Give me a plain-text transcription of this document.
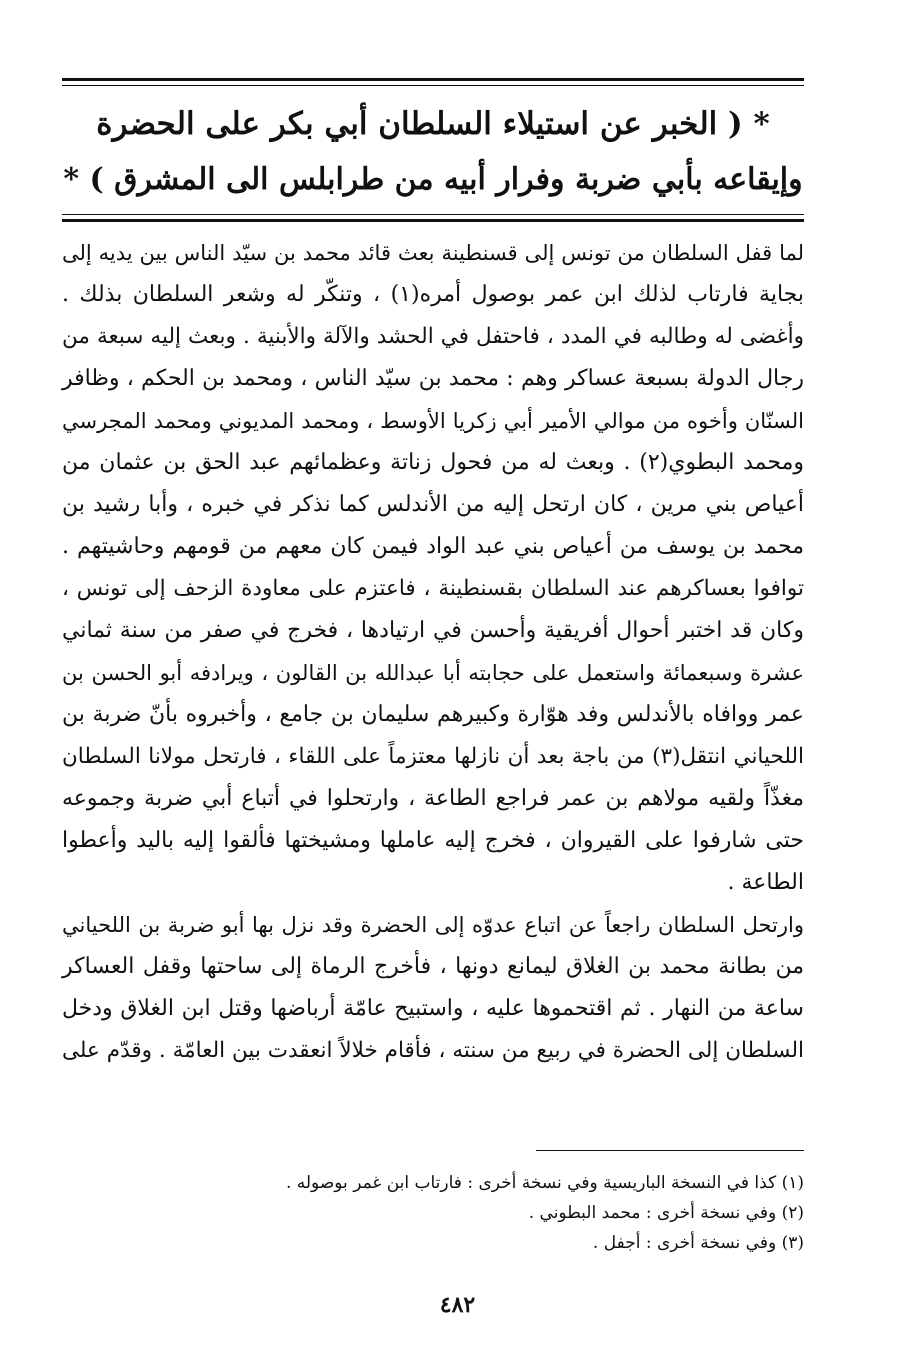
* ( الخبر عن استيلاء السلطان أبي بكر على الحضرة
وإيقاعه بأبي ضربة وفرار أبيه من طرابلس الى المشرق ) *
لما قفل السلطان من تونس إلى قسنطينة بعث قائد محمد بن سيّد الناس بين يديه إلى
بجاية فارتاب لذلك ابن عمر بوصول أمره(١) ، وتنكّر له وشعر السلطان بذلك .
وأغضى له وطالبه في المدد ، فاحتفل في الحشد والآلة والأبنية . وبعث إليه سبعة من
رجال الدولة بسبعة عساكر وهم : محمد بن سيّد الناس ، ومحمد بن الحكم ، وظافر
السنّان وأخوه من موالي الأمير أبي زكريا الأوسط ، ومحمد المديوني ومحمد المجرسي
ومحمد البطوي(٢) . وبعث له من فحول زناتة وعظمائهم عبد الحق بن عثمان من
أعياص بني مرين ، كان ارتحل إليه من الأندلس كما نذكر في خبره ، وأبا رشيد بن
محمد بن يوسف من أعياص بني عبد الواد فيمن كان معهم من قومهم وحاشيتهم .
توافوا بعساكرهم عند السلطان بقسنطينة ، فاعتزم على معاودة الزحف إلى تونس ،
وكان قد اختبر أحوال أفريقية وأحسن في ارتيادها ، فخرج في صفر من سنة ثماني
عشرة وسبعمائة واستعمل على حجابته أبا عبدالله بن القالون ، ويرادفه أبو الحسن بن
عمر ووافاه بالأندلس وفد هوّارة وكبيرهم سليمان بن جامع ، وأخبروه بأنّ ضربة بن
اللحياني انتقل(٣) من باجة بعد أن نازلها معتزماً على اللقاء ، فارتحل مولانا السلطان
مغذّاً ولقيه مولاهم بن عمر فراجع الطاعة ، وارتحلوا في أتباع أبي ضربة وجموعه
حتى شارفوا على القيروان ، فخرج إليه عاملها ومشيختها فألقوا إليه باليد وأعطوا
الطاعة .
وارتحل السلطان راجعاً عن اتباع عدوّه إلى الحضرة وقد نزل بها أبو ضربة بن اللحياني
من بطانة محمد بن الغلاق ليمانع دونها ، فأخرج الرماة إلى ساحتها وقفل العساكر
ساعة من النهار . ثم اقتحموها عليه ، واستبيح عامّة أرباضها وقتل ابن الغلاق ودخل
السلطان إلى الحضرة في ربيع من سنته ، فأقام خلالاً انعقدت بين العامّة . وقدّم على
(١) كذا في النسخة الباريسية وفي نسخة أخرى : فارتاب ابن غمر بوصوله .
(٢) وفي نسخة أخرى : محمد البطوني .
(٣) وفي نسخة أخرى : أجفل .
٤٨٢
